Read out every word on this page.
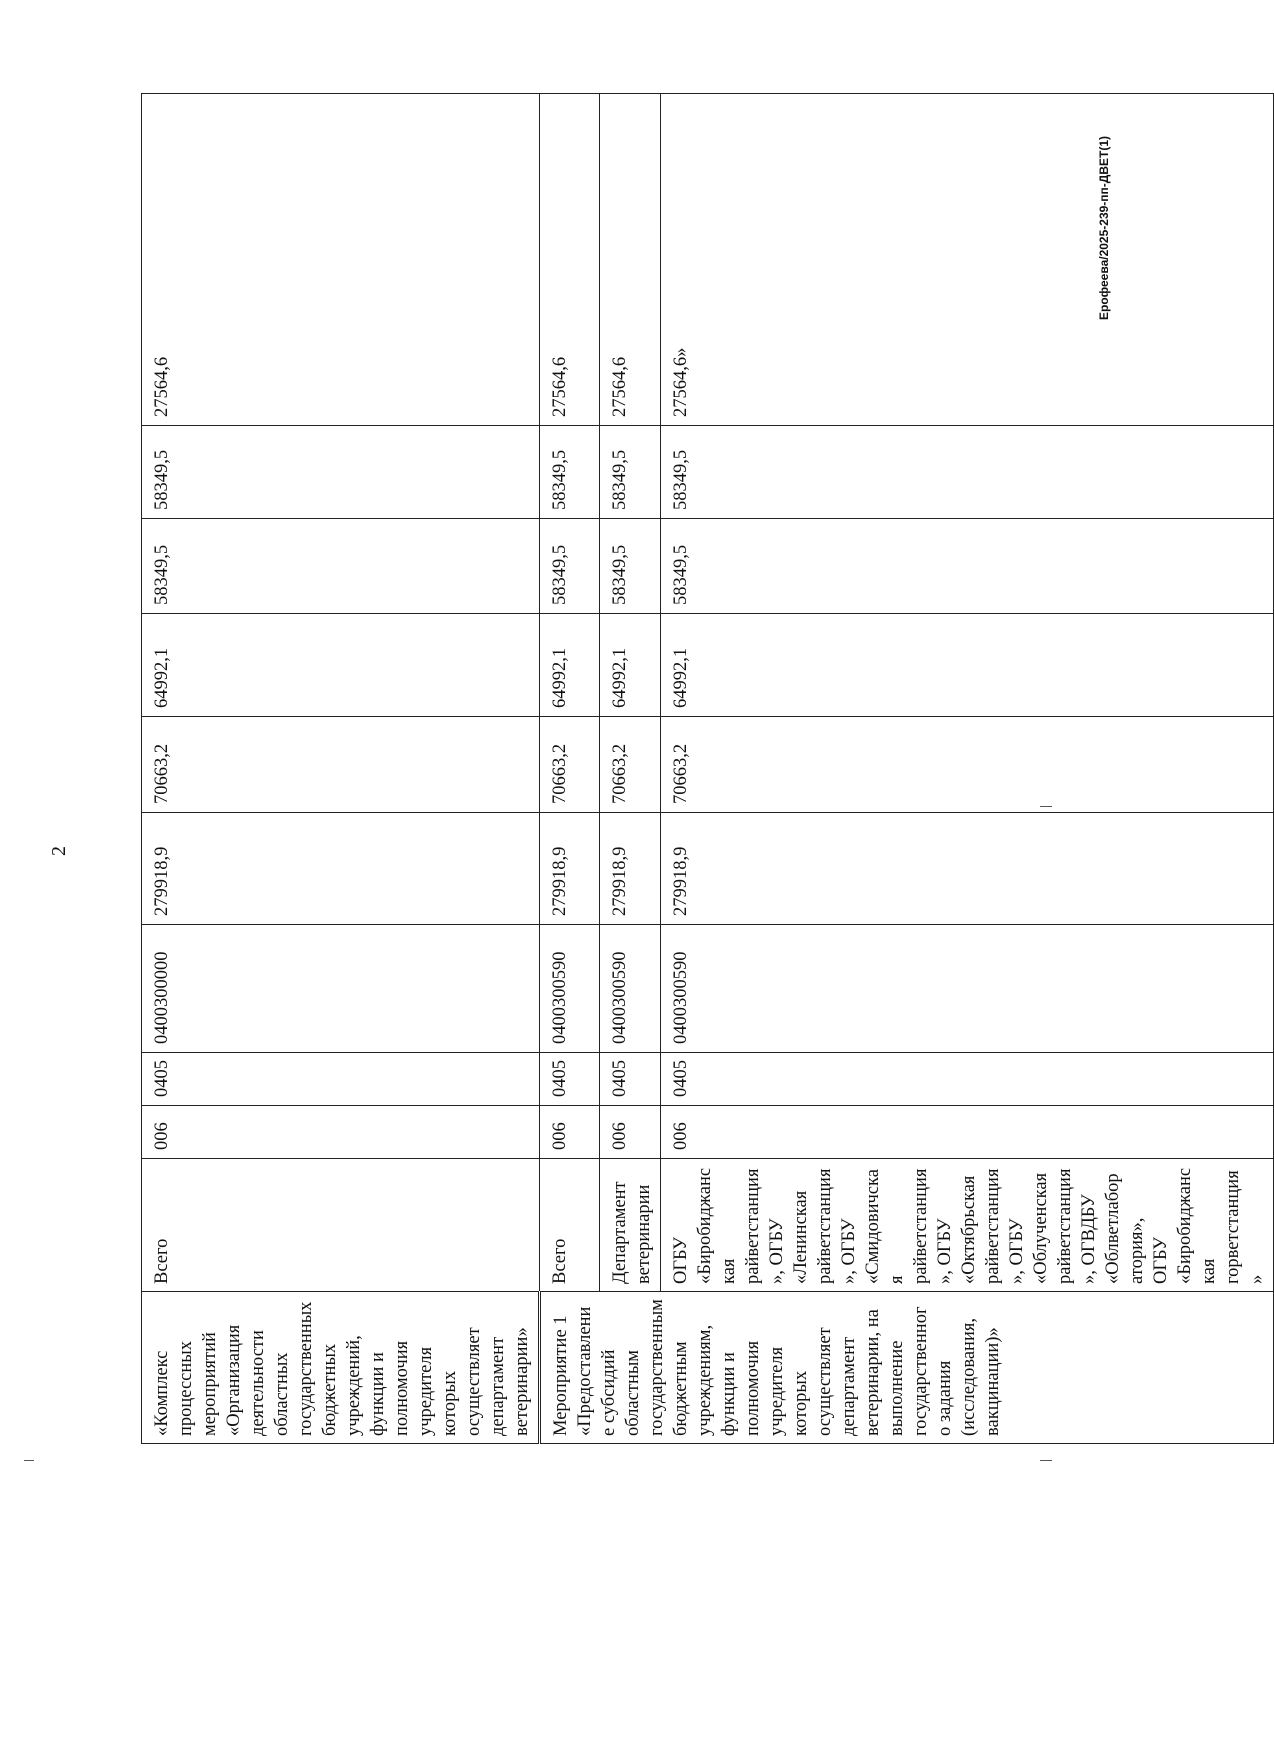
2
Ерофеева/2025-239-пп-ДВЕТ(1)
«Комплекс процессных мероприятий «Организация деятельности областных государственных бюджетных учреждений, функции и полномочия учредителя которых осуществляет департамент ветеринарии»	Всего	006	0405	0400300000	279918,9	70663,2	64992,1	58349,5	58349,5	27564,6
Мероприятие 1 «Предоставление субсидий областным государственным бюджетным учреждениям, функции и полномочия учредителя которых осуществляет департамент ветеринарии, на выполнение государственного задания (исследования, вакцинации)»	Всего	006	0405	0400300590	279918,9	70663,2	64992,1	58349,5	58349,5	27564,6
	Департамент ветеринарии	006	0405	0400300590	279918,9	70663,2	64992,1	58349,5	58349,5	27564,6
	ОГБУ «Биробиджанская райветстанция», ОГБУ «Ленинская райветстанция», ОГБУ «Смидовичская райветстанция», ОГБУ «Октябрьская райветстанция», ОГБУ «Облученская райветстанция», ОГВДБУ «Облветлаборатория», ОГБУ «Биробиджанская горветстанция»	006	0405	0400300590	279918,9	70663,2	64992,1	58349,5	58349,5	27564,6»
